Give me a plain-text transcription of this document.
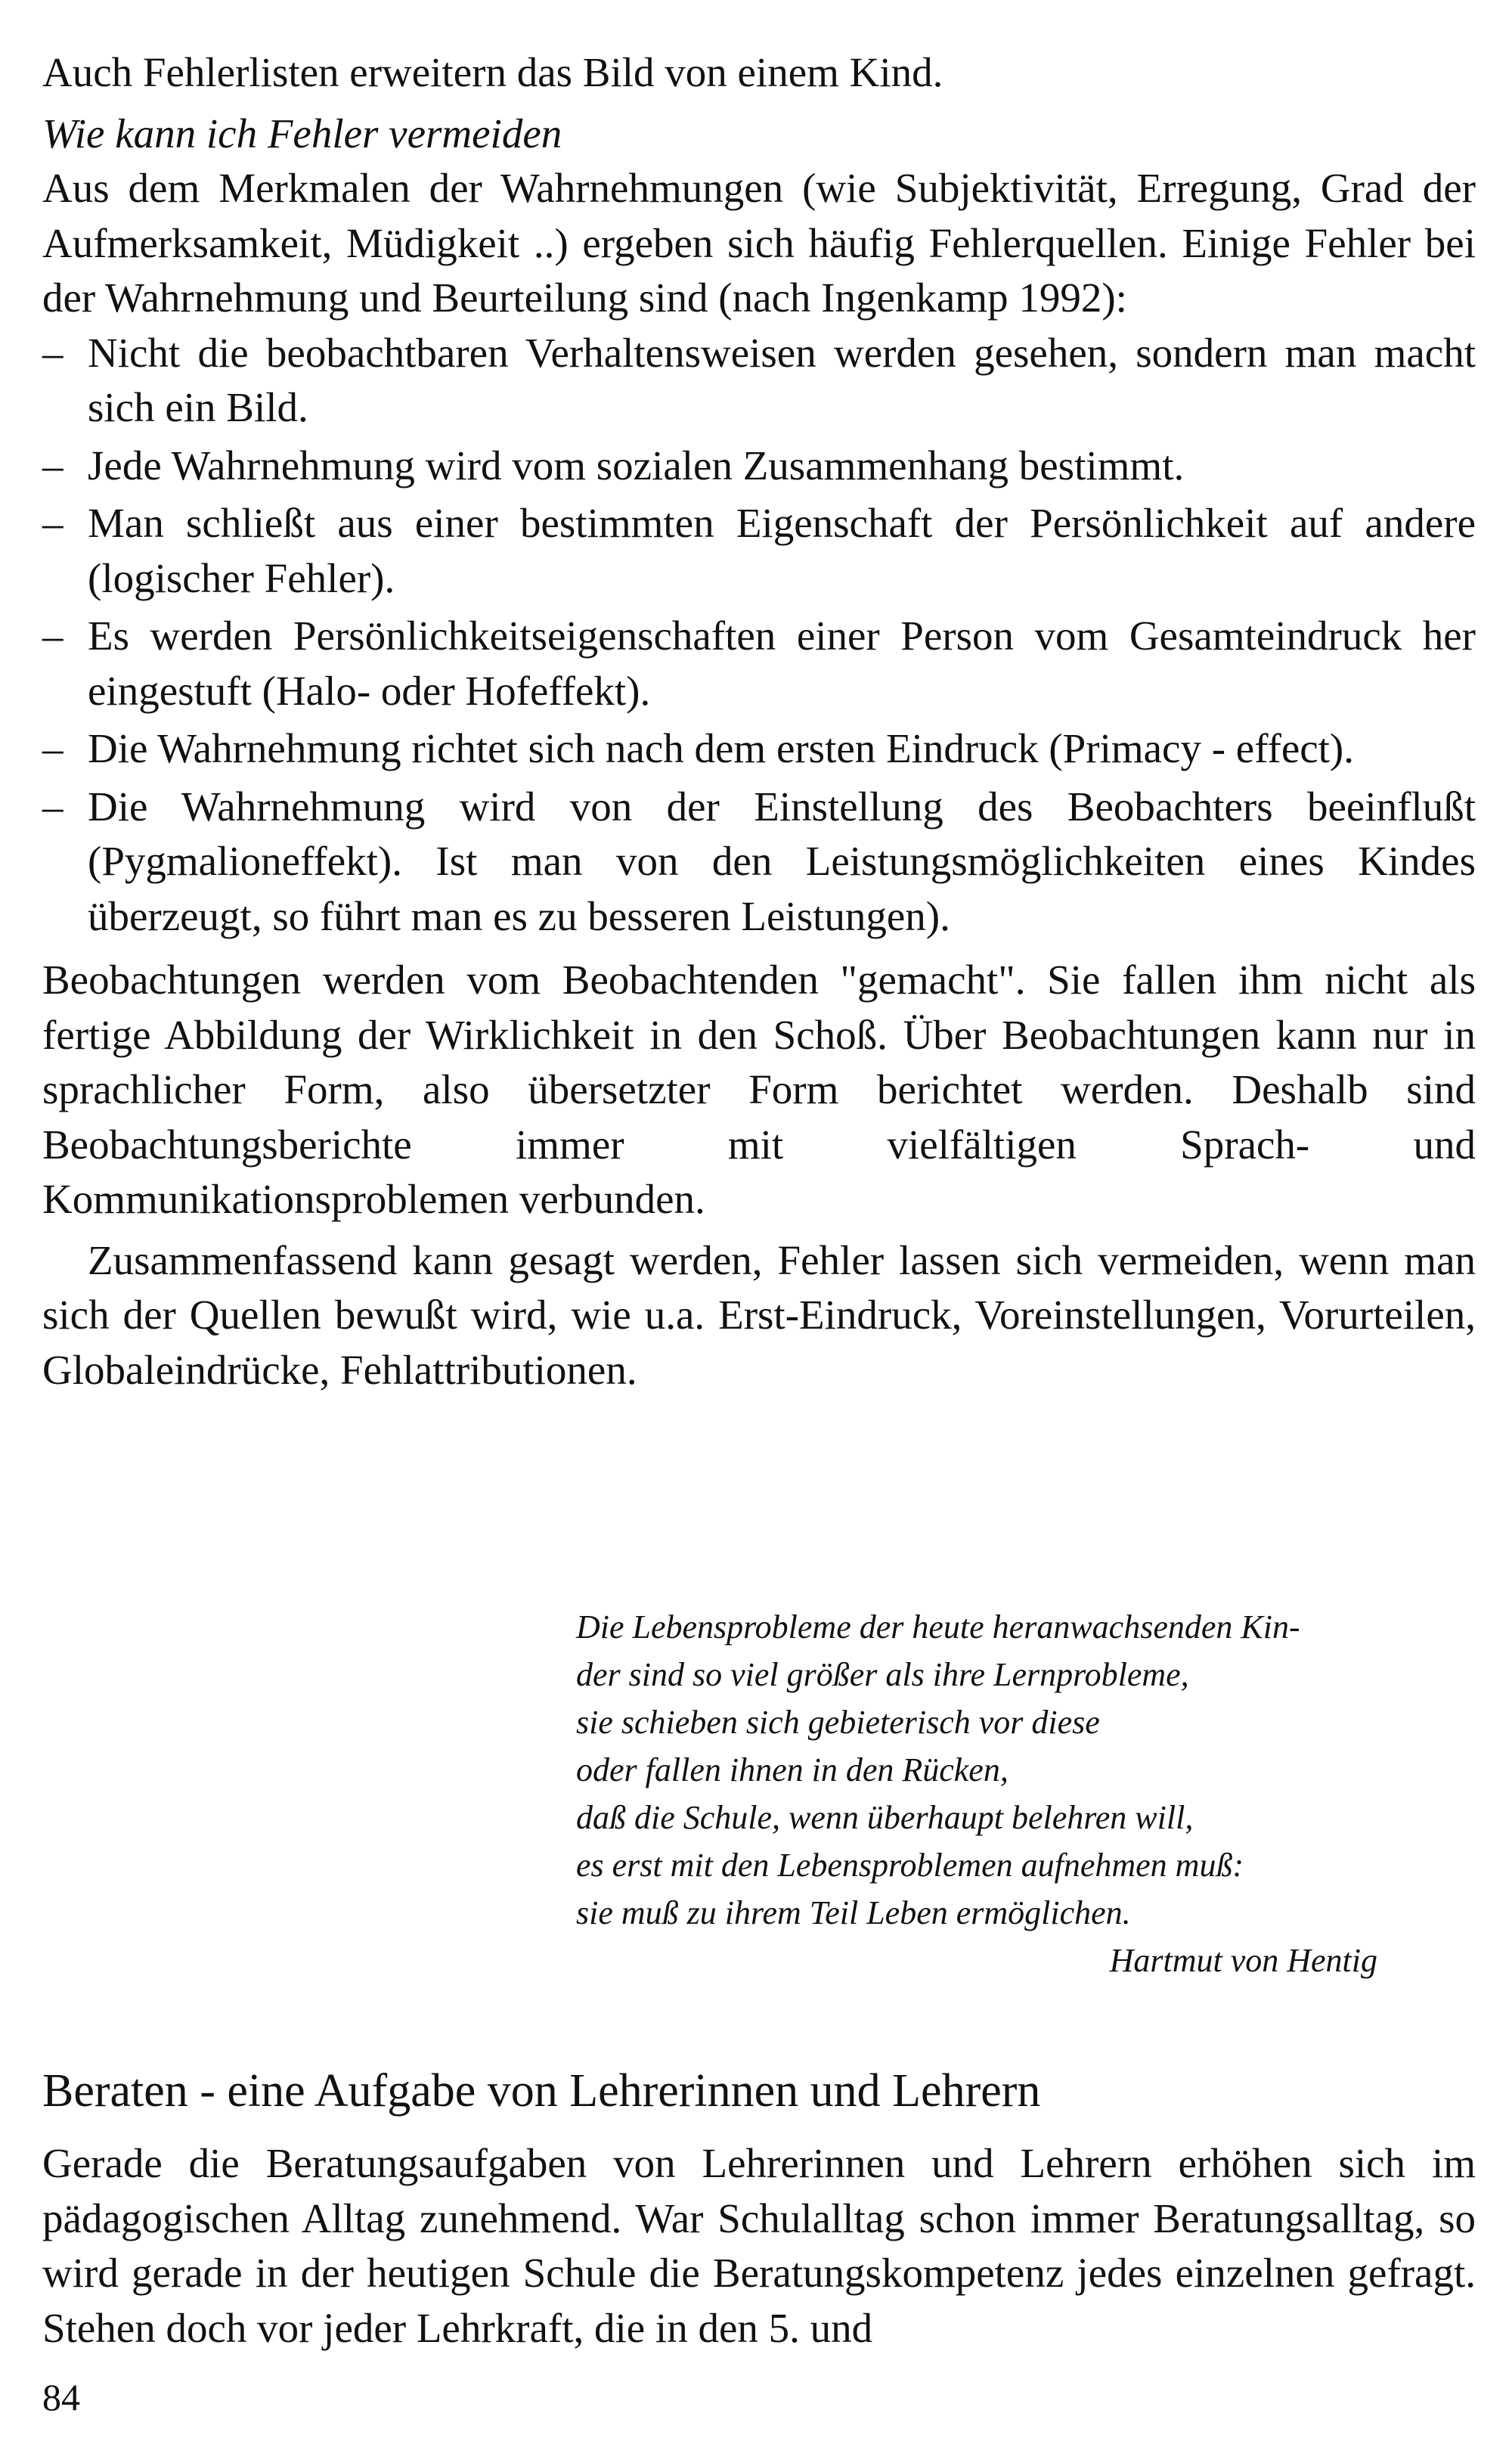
Auch Fehlerlisten erweitern das Bild von einem Kind.

Wie kann ich Fehler vermeiden

Aus dem Merkmalen der Wahrnehmungen (wie Subjektivität, Erregung, Grad der Aufmerksamkeit, Müdigkeit ..) ergeben sich häufig Fehlerquellen. Einige Fehler bei der Wahrnehmung und Beurteilung sind (nach Ingenkamp 1992):

– Nicht die beobachtbaren Verhaltensweisen werden gesehen, sondern man macht sich ein Bild.
– Jede Wahrnehmung wird vom sozialen Zusammenhang bestimmt.
– Man schließt aus einer bestimmten Eigenschaft der Persönlichkeit auf andere (logischer Fehler).
– Es werden Persönlichkeitseigenschaften einer Person vom Gesamteindruck her eingestuft (Halo- oder Hofeffekt).
– Die Wahrnehmung richtet sich nach dem ersten Eindruck (Primacy - effect).
– Die Wahrnehmung wird von der Einstellung des Beobachters beeinflußt (Pygmalioneffekt). Ist man von den Leistungsmöglichkeiten eines Kindes überzeugt, so führt man es zu besseren Leistungen).

Beobachtungen werden vom Beobachtenden "gemacht". Sie fallen ihm nicht als fertige Abbildung der Wirklichkeit in den Schoß. Über Beobachtungen kann nur in sprachlicher Form, also übersetzter Form berichtet werden. Deshalb sind Beobachtungsberichte immer mit vielfältigen Sprach- und Kommunikationsproblemen verbunden.

Zusammenfassend kann gesagt werden, Fehler lassen sich vermeiden, wenn man sich der Quellen bewußt wird, wie u.a. Erst-Eindruck, Voreinstellungen, Vorurteilen, Globaleindrücke, Fehlattributionen.

Die Lebensprobleme der heute heranwachsenden Kin-
der sind so viel größer als ihre Lernprobleme,
sie schieben sich gebieterisch vor diese
oder fallen ihnen in den Rücken,
daß die Schule, wenn überhaupt belehren will,
es erst mit den Lebensproblemen aufnehmen muß:
sie muß zu ihrem Teil Leben ermöglichen.
Hartmut von Hentig
Beraten - eine Aufgabe von Lehrerinnen und Lehrern

Gerade die Beratungsaufgaben von Lehrerinnen und Lehrern erhöhen sich im pädagogischen Alltag zunehmend. War Schulalltag schon immer Beratungsalltag, so wird gerade in der heutigen Schule die Beratungskompetenz jedes einzelnen gefragt. Stehen doch vor jeder Lehrkraft, die in den 5. und

84
